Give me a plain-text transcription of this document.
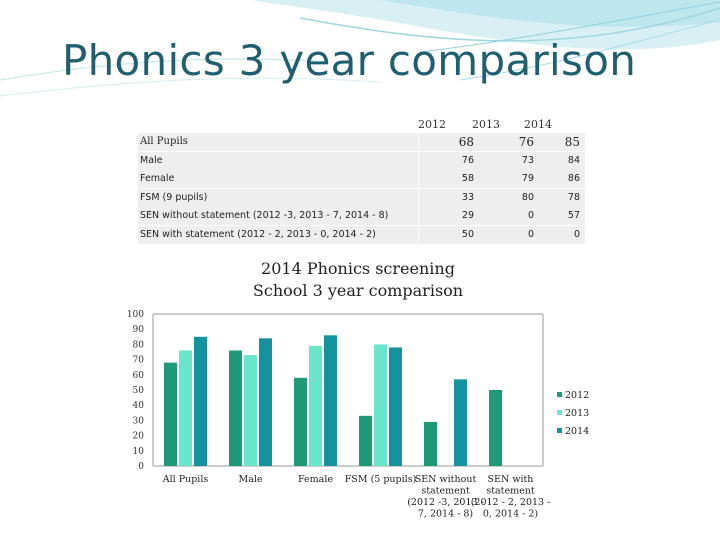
Phonics 3 year comparison
2012 2013 2014
All Pupils	68	76	85
Male	76	73	84
Female	58	79	86
FSM (9 pupils)	33	80	78
SEN without statement (2012 -3, 2013 - 7, 2014 - 8)	29	0	57
SEN with statement (2012 - 2, 2013 - 0, 2014 - 2)	50	0	0
2014 Phonics screening
School 3 year comparison
0
10
20
30
40
50
60
70
80
90
100
All Pupils	Male	Female FSM (5 pupils)
SEN without statement (2012 -3, 2013 -7, 2014 - 8)
SEN with statement (2012 - 2, 2013 -0, 2014 - 2)
2012
2013
2014
